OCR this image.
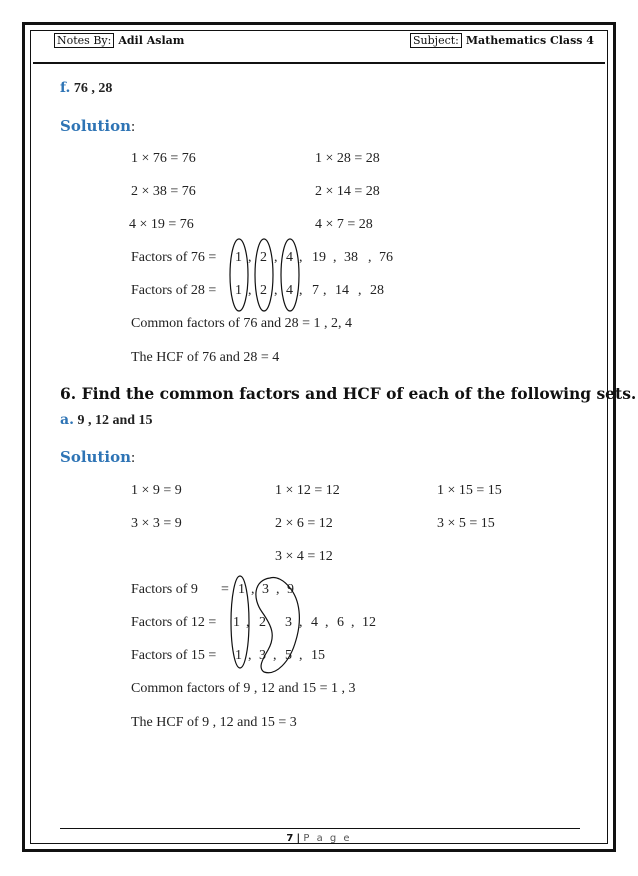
Notes By: Adil Aslam	Subject: Mathematics Class 4
f. 76 , 28
Solution:
1 × 76 = 76
2 × 38 = 76
4 × 19 = 76
1 × 28 = 28
2 × 14 = 28
4 × 7 = 28
Factors of 76 = 1 , 2 , 4 , 19 , 38 , 76
Factors of 28 = 1 , 2 , 4 , 7 , 14 , 28
Common factors of 76 and 28 = 1 , 2, 4
The HCF of 76 and 28 = 4
6. Find the common factors and HCF of each of the following sets.
a. 9 , 12 and 15
Solution:
1 × 9 = 9
3 × 3 = 9
1 × 12 = 12
2 × 6 = 12
3 × 4 = 12
1 × 15 = 15
3 × 5 = 15
Factors of 9 = 1 , 3 , 9
Factors of 12 = 1 , 2 3 , 4 , 6 , 12
Factors of 15 = 1 , 3 , 5 , 15
Common factors of 9 , 12 and 15 = 1 , 3
The HCF of 9 , 12 and 15 = 3
7 | P a g e
